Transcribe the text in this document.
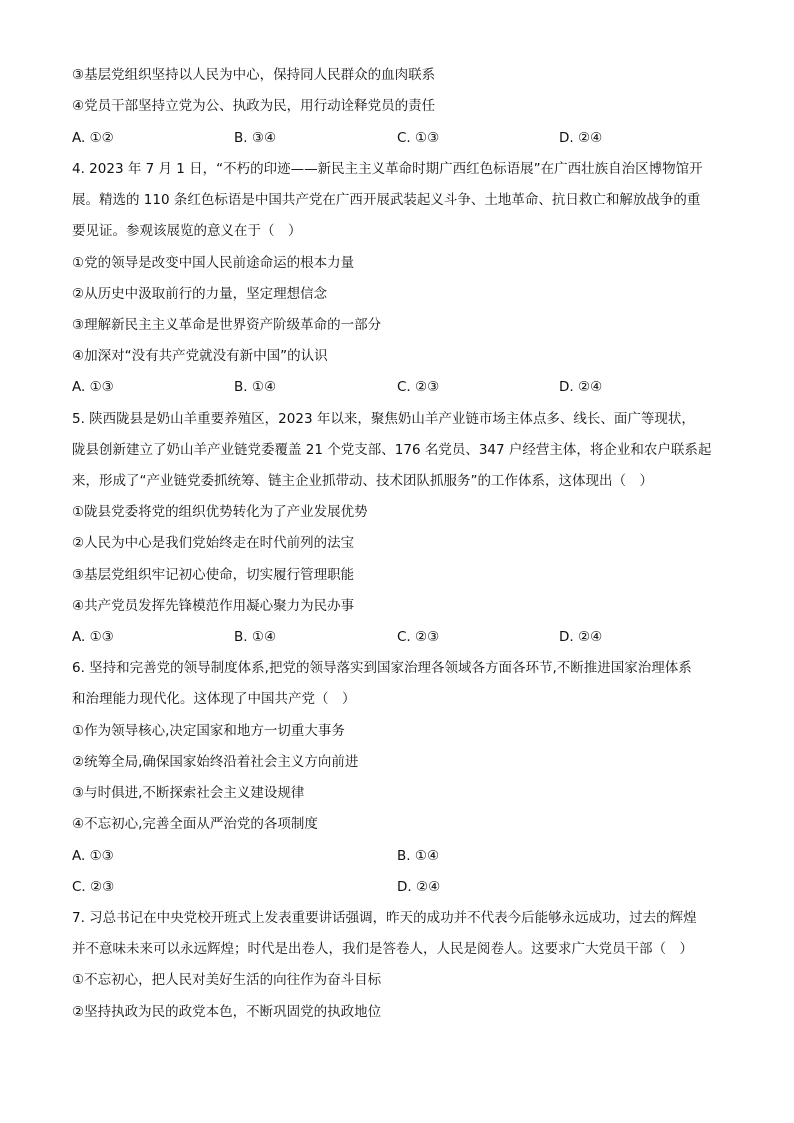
③基层党组织坚持以人民为中心，保持同人民群众的血肉联系
④党员干部坚持立党为公、执政为民，用行动诠释党员的责任
A. ①②	B. ③④	C. ①③	D. ②④
4. 2023 年 7 月 1 日，“不朽的印迹——新民主主义革命时期广西红色标语展”在广西壮族自治区博物馆开
展。精选的 110 条红色标语是中国共产党在广西开展武装起义斗争、土地革命、抗日救亡和解放战争的重
要见证。参观该展览的意义在于（　）
①党的领导是改变中国人民前途命运的根本力量
②从历史中汲取前行的力量，坚定理想信念
③理解新民主主义革命是世界资产阶级革命的一部分
④加深对“没有共产党就没有新中国”的认识
A. ①③	B. ①④	C. ②③	D. ②④
5. 陕西陇县是奶山羊重要养殖区，2023 年以来，聚焦奶山羊产业链市场主体点多、线长、面广等现状，
陇县创新建立了奶山羊产业链党委覆盖 21 个党支部、176 名党员、347 户经营主体，将企业和农户联系起
来，形成了“产业链党委抓统筹、链主企业抓带动、技术团队抓服务”的工作体系，这体现出（　）
①陇县党委将党的组织优势转化为了产业发展优势
②人民为中心是我们党始终走在时代前列的法宝
③基层党组织牢记初心使命，切实履行管理职能
④共产党员发挥先锋模范作用凝心聚力为民办事
A. ①③	B. ①④	C. ②③	D. ②④
6. 坚持和完善党的领导制度体系,把党的领导落实到国家治理各领域各方面各环节,不断推进国家治理体系
和治理能力现代化。这体现了中国共产党（　）
①作为领导核心,决定国家和地方一切重大事务
②统筹全局,确保国家始终沿着社会主义方向前进
③与时俱进,不断探索社会主义建设规律
④不忘初心,完善全面从严治党的各项制度
A. ①③	B. ①④
C. ②③	D. ②④
7. 习总书记在中央党校开班式上发表重要讲话强调，昨天的成功并不代表今后能够永远成功，过去的辉煌
并不意味未来可以永远辉煌；时代是出卷人，我们是答卷人，人民是阅卷人。这要求广大党员干部（　）
①不忘初心，把人民对美好生活的向往作为奋斗目标
②坚持执政为民的政党本色，不断巩固党的执政地位
